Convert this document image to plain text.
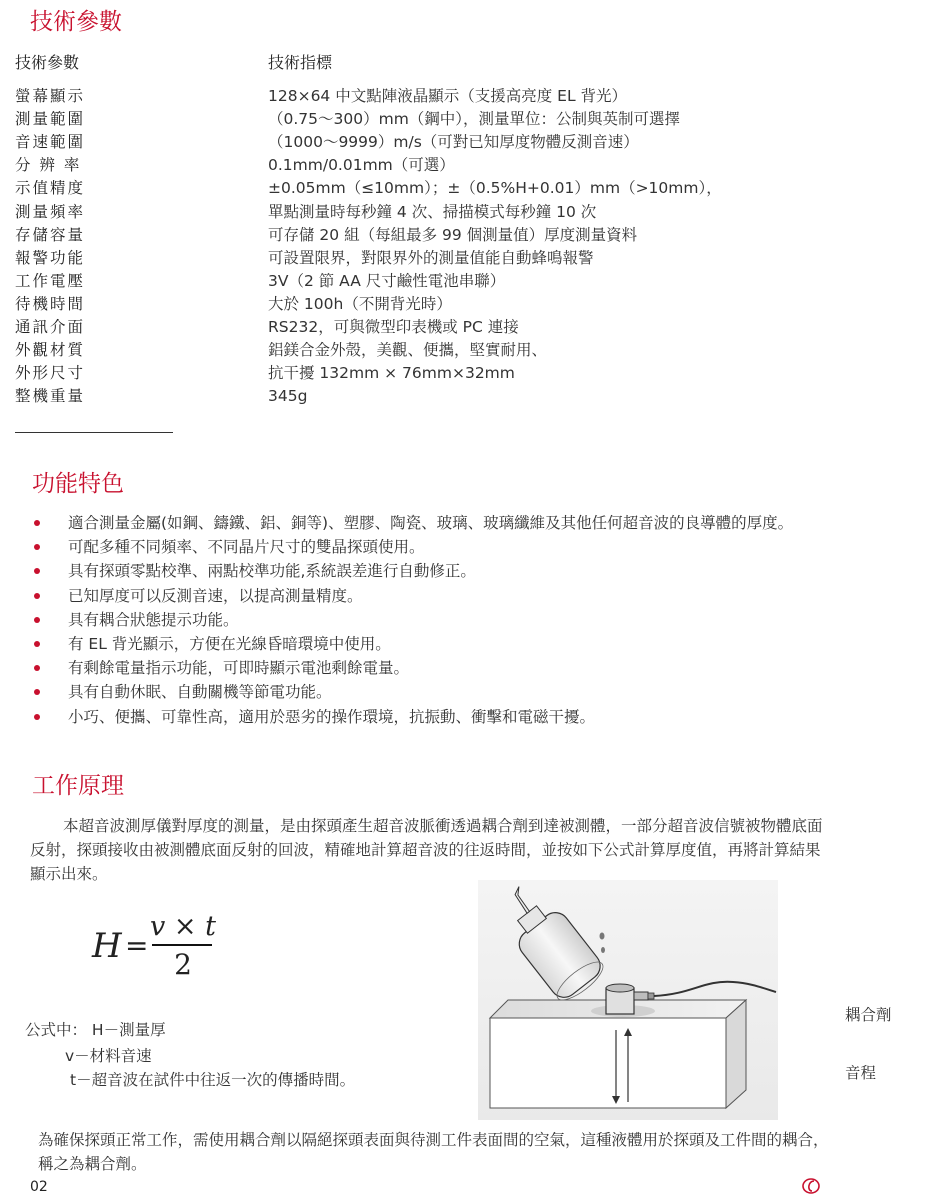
技術參數
技術參數	技術指標
螢幕顯示	128×64 中文點陣液晶顯示（支援高亮度 EL 背光）
測量範圍	（0.75～300）mm（鋼中），測量單位：公制與英制可選擇
音速範圍	（1000～9999）m/s（可對已知厚度物體反測音速）
分 辨 率	0.1mm/0.01mm（可選）
示值精度	±0.05mm（≤10mm）；±（0.5%H+0.01）mm（>10mm），
測量頻率	單點測量時每秒鐘 4 次、掃描模式每秒鐘 10 次
存儲容量	可存儲 20 組（每組最多 99 個測量值）厚度測量資料
報警功能	可設置限界，對限界外的測量值能自動蜂鳴報警
工作電壓	3V（2 節 AA 尺寸鹼性電池串聯）
待機時間	大於 100h（不開背光時）
通訊介面	RS232，可與微型印表機或 PC 連接
外觀材質	鋁鎂合金外殼，美觀、便攜，堅實耐用、
外形尺寸	抗干擾 132mm × 76mm×32mm
整機重量	345g
功能特色
適合測量金屬(如鋼、鑄鐵、鋁、銅等)、塑膠、陶瓷、玻璃、玻璃纖維及其他任何超音波的良導體的厚度。
可配多種不同頻率、不同晶片尺寸的雙晶探頭使用。
具有探頭零點校準、兩點校準功能,系統誤差進行自動修正。
已知厚度可以反測音速，以提高測量精度。
具有耦合狀態提示功能。
有 EL 背光顯示，方便在光線昏暗環境中使用。
有剩餘電量指示功能，可即時顯示電池剩餘電量。
具有自動休眠、自動關機等節電功能。
小巧、便攜、可靠性高，適用於惡劣的操作環境，抗振動、衝擊和電磁干擾。
工作原理
本超音波測厚儀對厚度的測量，是由探頭產生超音波脈衝透過耦合劑到達被測體，一部分超音波信號被物體底面
反射，探頭接收由被測體底面反射的回波，精確地計算超音波的往返時間，並按如下公式計算厚度值，再將計算結果
顯示出來。
H =
v × t
2
公式中： H－測量厚
v－材料音速
t－超音波在試件中往返一次的傳播時間。
耦合劑
音程
為確保探頭正常工作，需使用耦合劑以隔絕探頭表面與待測工件表面間的空氣，這種液體用於探頭及工件間的耦合，
稱之為耦合劑。
02
